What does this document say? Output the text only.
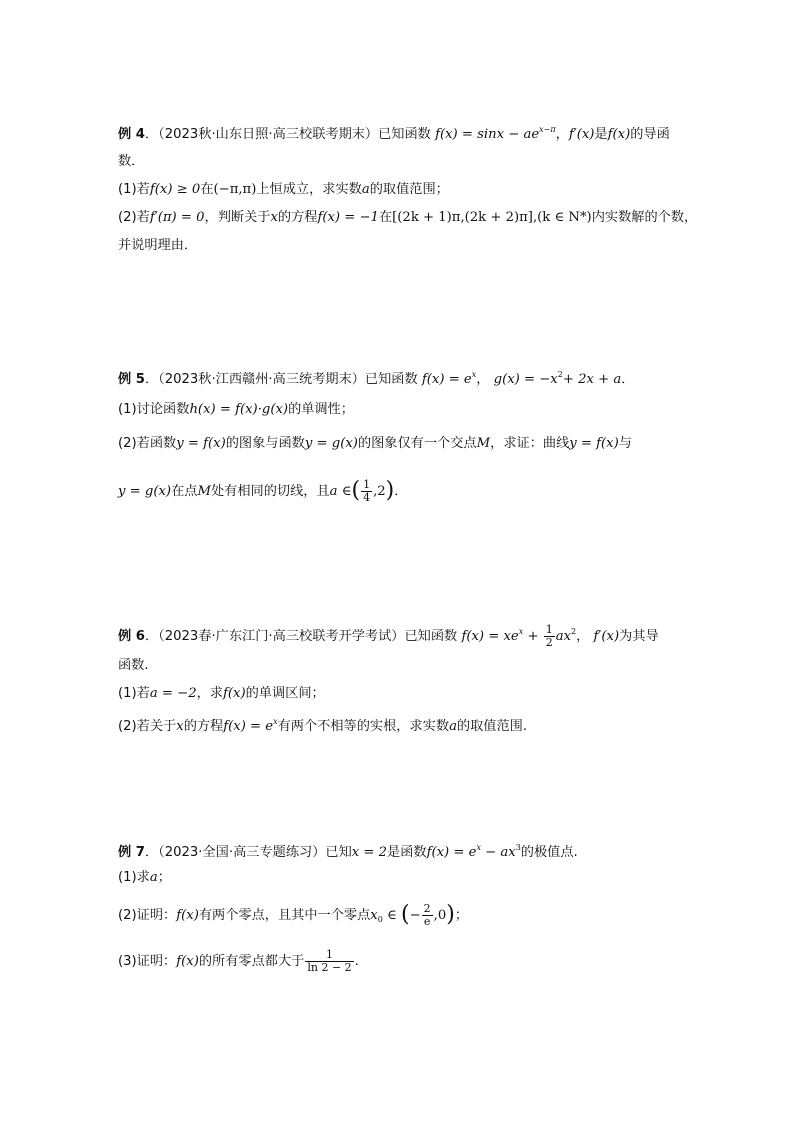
例 4．（2023秋·山东日照·高三校联考期末）已知函数 $f(x) = \sin x - ae^{x-\pi}$，f′(x)是f(x)的导函
数．
(1)若f(x) ≥ 0在(−π,π)上恒成立，求实数a的取值范围；
(2)若f′(π) = 0，判断关于x的方程f(x) = −1在[(2k + 1)π,(2k + 2)π],(k ∈ N*)内实数解的个数，
并说明理由．
例 5．（2023秋·江西赣州·高三统考期末）已知函数 $f(x) = e^x$， $g(x) = -x^2+ 2x + a$．
(1)讨论函数h(x) = f(x)·g(x)的单调性；
(2)若函数y = f(x)的图象与函数y = g(x)的图象仅有一个交点M，求证：曲线y = f(x)与
y = g(x)在点M处有相同的切线，且a ∈( $\frac{1}{4} ,2$)．
例 6．（2023春·广东江门·高三校联考开学考试）已知函数 $f(x) = xe^x + \frac{1}{2} ax^2$， f′(x)为其导
函数.
(1)若a = −2，求f(x)的单调区间；
(2)若关于x的方程$f(x) = e^x$有两个不相等的实根，求实数a的取值范围.
例 7．（2023·全国·高三专题练习）已知x = 2是函数$f(x) = e^x - ax^3$的极值点.
(1)求a；
(2)证明：f(x)有两个零点，且其中一个零点$x_0$ ∈ (− $\frac{2}{e} ,0$)；
(3)证明：f(x)的所有零点都大于 $\frac{1}{\ln 2 - 2}$ .
